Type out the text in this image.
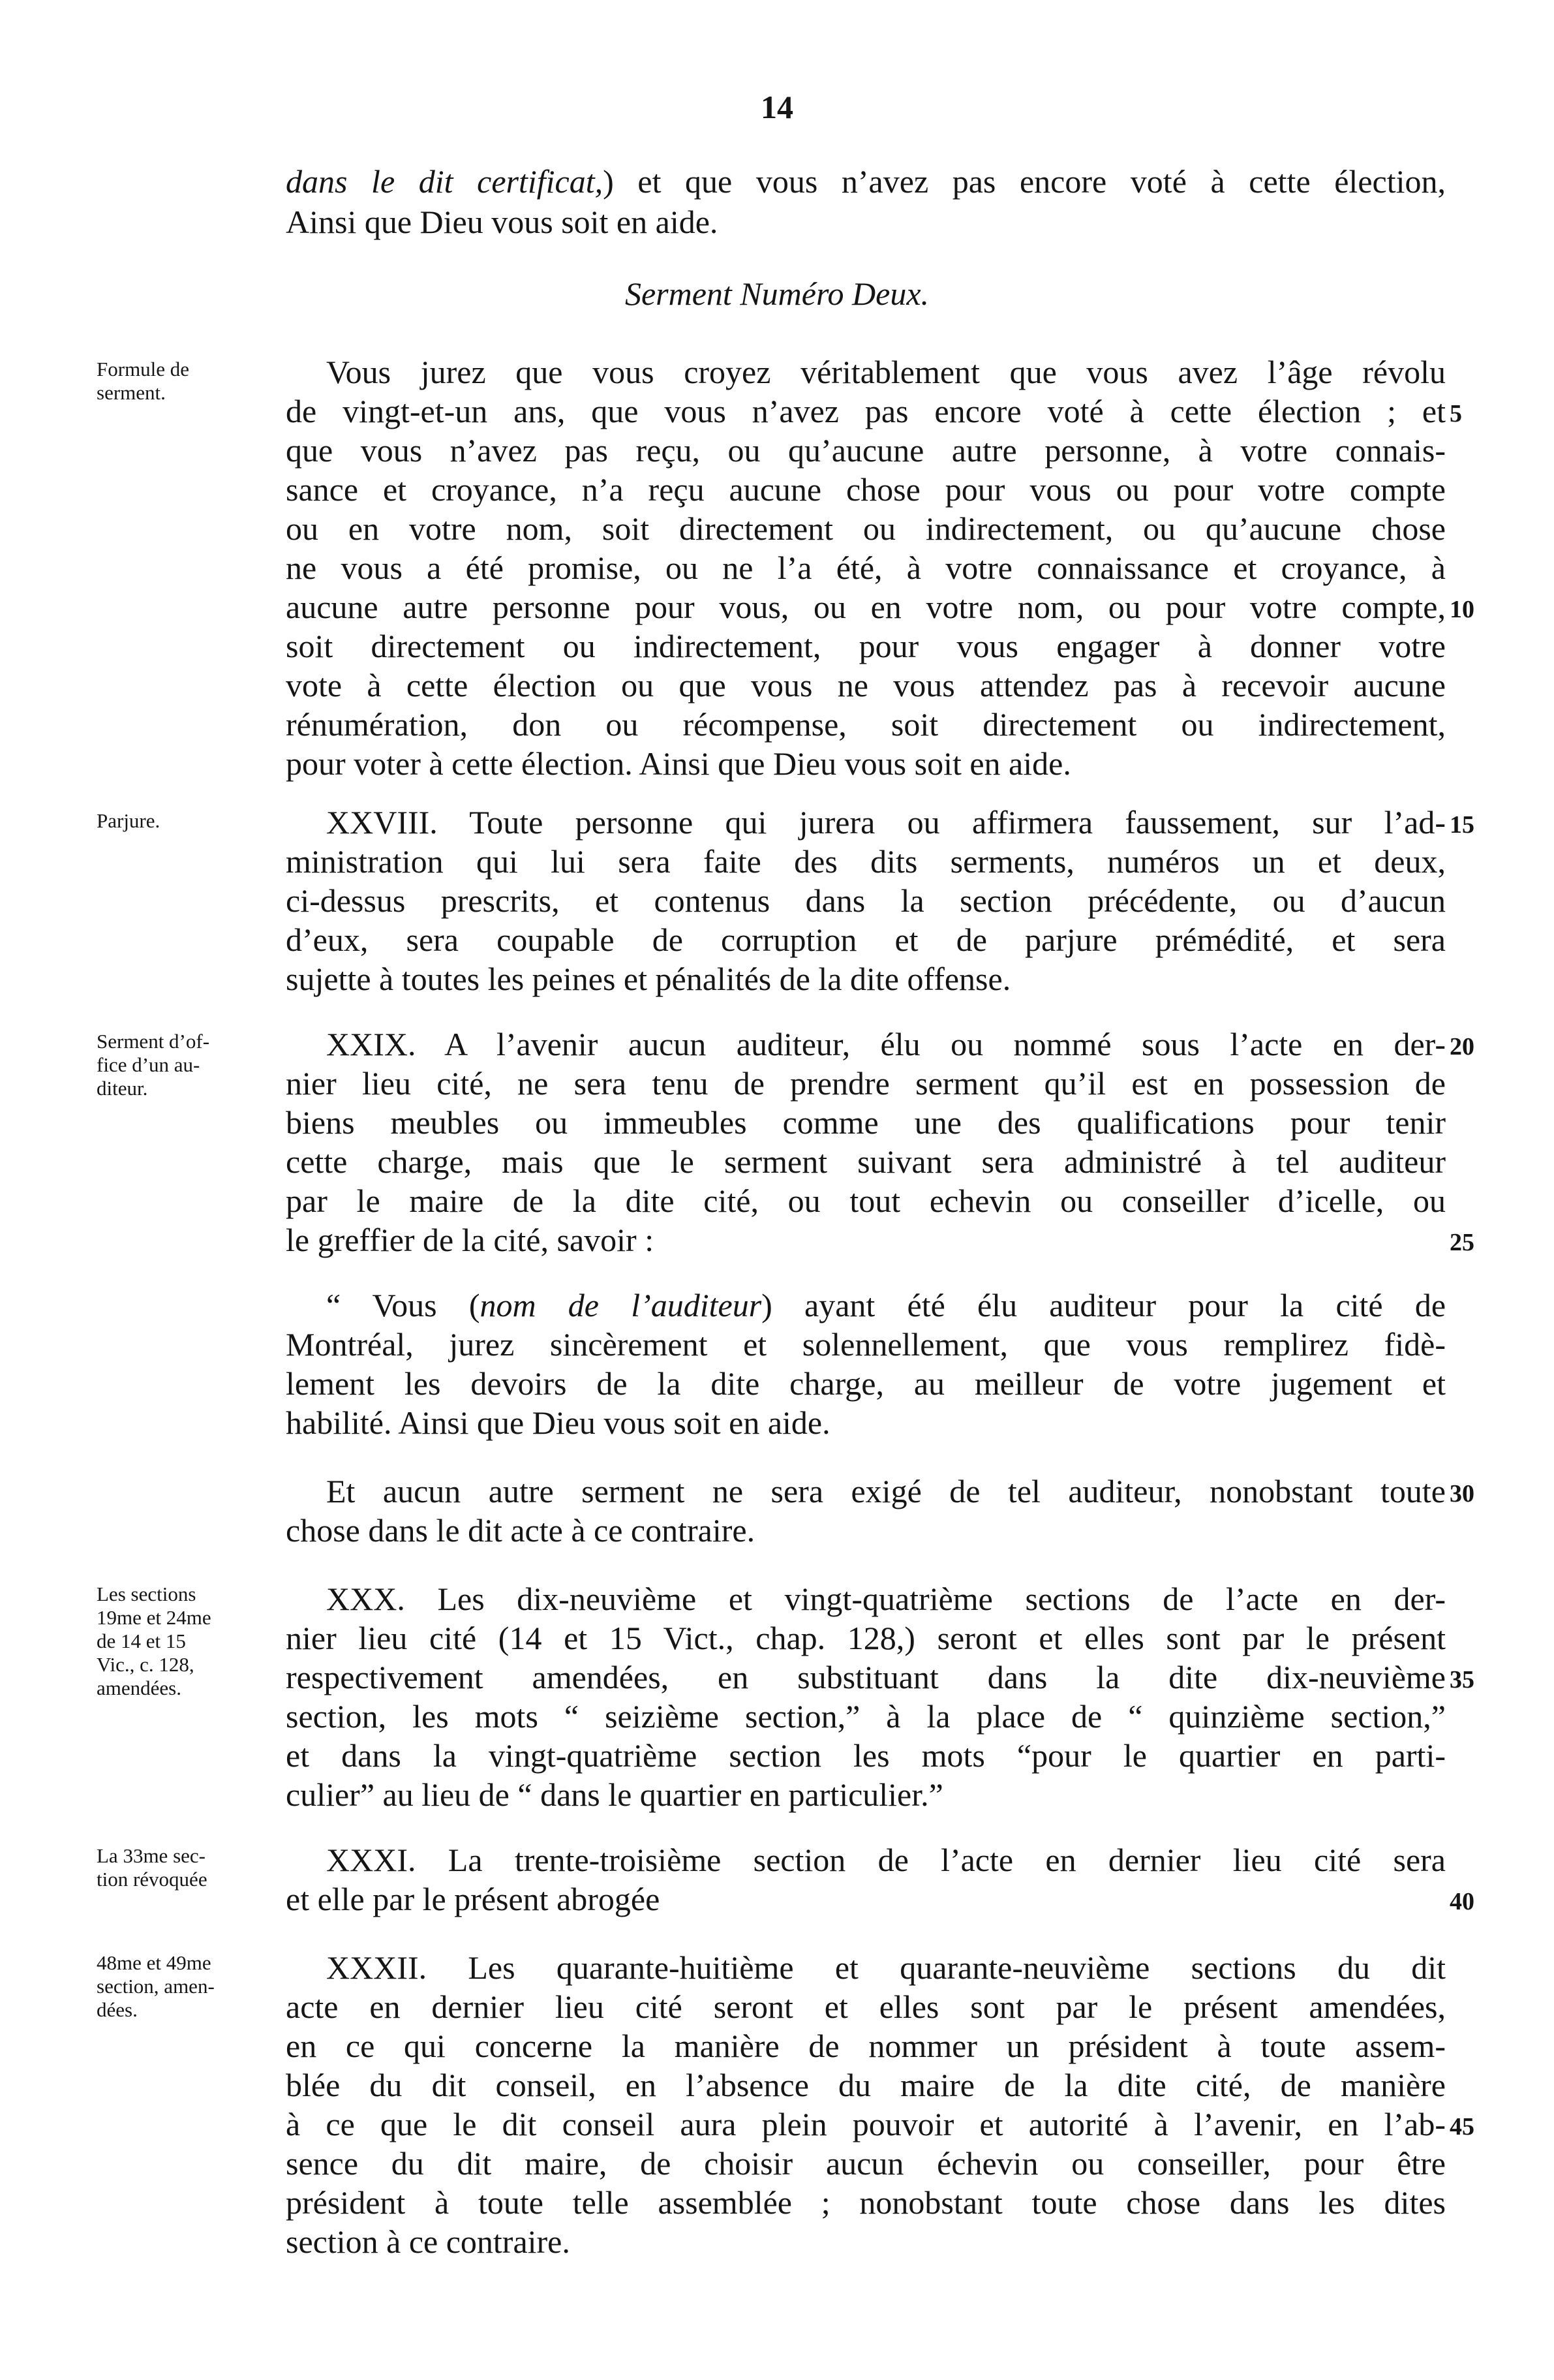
14
dans le dit certificat,) et que vous n’avez pas encore voté à cette élection,
Ainsi que Dieu vous soit en aide.
Serment Numéro Deux.
Vous jurez que vous croyez véritablement que vous avez l’âge révolu
de vingt-et-un ans, que vous n’avez pas encore voté à cette élection ; et
que vous n’avez pas reçu, ou qu’aucune autre personne, à votre connais-
sance et croyance, n’a reçu aucune chose pour vous ou pour votre compte
ou en votre nom, soit directement ou indirectement, ou qu’aucune chose
ne vous a été promise, ou ne l’a été, à votre connaissance et croyance, à
aucune autre personne pour vous, ou en votre nom, ou pour votre compte,
soit directement ou indirectement, pour vous engager à donner votre
vote à cette élection ou que vous ne vous attendez pas à recevoir aucune
rénumération, don ou récompense, soit directement ou indirectement,
pour voter à cette élection. Ainsi que Dieu vous soit en aide.
XXVIII. Toute personne qui jurera ou affirmera faussement, sur l’ad-
ministration qui lui sera faite des dits serments, numéros un et deux,
ci-dessus prescrits, et contenus dans la section précédente, ou d’aucun
d’eux, sera coupable de corruption et de parjure prémédité, et sera
sujette à toutes les peines et pénalités de la dite offense.
XXIX. A l’avenir aucun auditeur, élu ou nommé sous l’acte en der-
nier lieu cité, ne sera tenu de prendre serment qu’il est en possession de
biens meubles ou immeubles comme une des qualifications pour tenir
cette charge, mais que le serment suivant sera administré à tel auditeur
par le maire de la dite cité, ou tout echevin ou conseiller d’icelle, ou
le greffier de la cité, savoir :
“ Vous (nom de l’auditeur) ayant été élu auditeur pour la cité de
Montréal, jurez sincèrement et solennellement, que vous remplirez fidè-
lement les devoirs de la dite charge, au meilleur de votre jugement et
habilité. Ainsi que Dieu vous soit en aide.
Et aucun autre serment ne sera exigé de tel auditeur, nonobstant toute
chose dans le dit acte à ce contraire.
XXX. Les dix-neuvième et vingt-quatrième sections de l’acte en der-
nier lieu cité (14 et 15 Vict., chap. 128,) seront et elles sont par le présent
respectivement amendées, en substituant dans la dite dix-neuvième
section, les mots “ seizième section,” à la place de “ quinzième section,”
et dans la vingt-quatrième section les mots “pour le quartier en parti-
culier” au lieu de “ dans le quartier en particulier.”
XXXI. La trente-troisième section de l’acte en dernier lieu cité sera
et elle par le présent abrogée
XXXII. Les quarante-huitième et quarante-neuvième sections du dit
acte en dernier lieu cité seront et elles sont par le présent amendées,
en ce qui concerne la manière de nommer un président à toute assem-
blée du dit conseil, en l’absence du maire de la dite cité, de manière
à ce que le dit conseil aura plein pouvoir et autorité à l’avenir, en l’ab-
sence du dit maire, de choisir aucun échevin ou conseiller, pour être
président à toute telle assemblée ; nonobstant toute chose dans les dites
section à ce contraire.
Formule de
serment.
Parjure.
Serment d’of-
fice d’un au-
diteur.
Les sections
19me et 24me
de 14 et 15
Vic., c. 128,
amendées.
La 33me sec-
tion révoquée
48me et 49me
section, amen-
dées.
5
10
15
20
25
30
35
40
45
